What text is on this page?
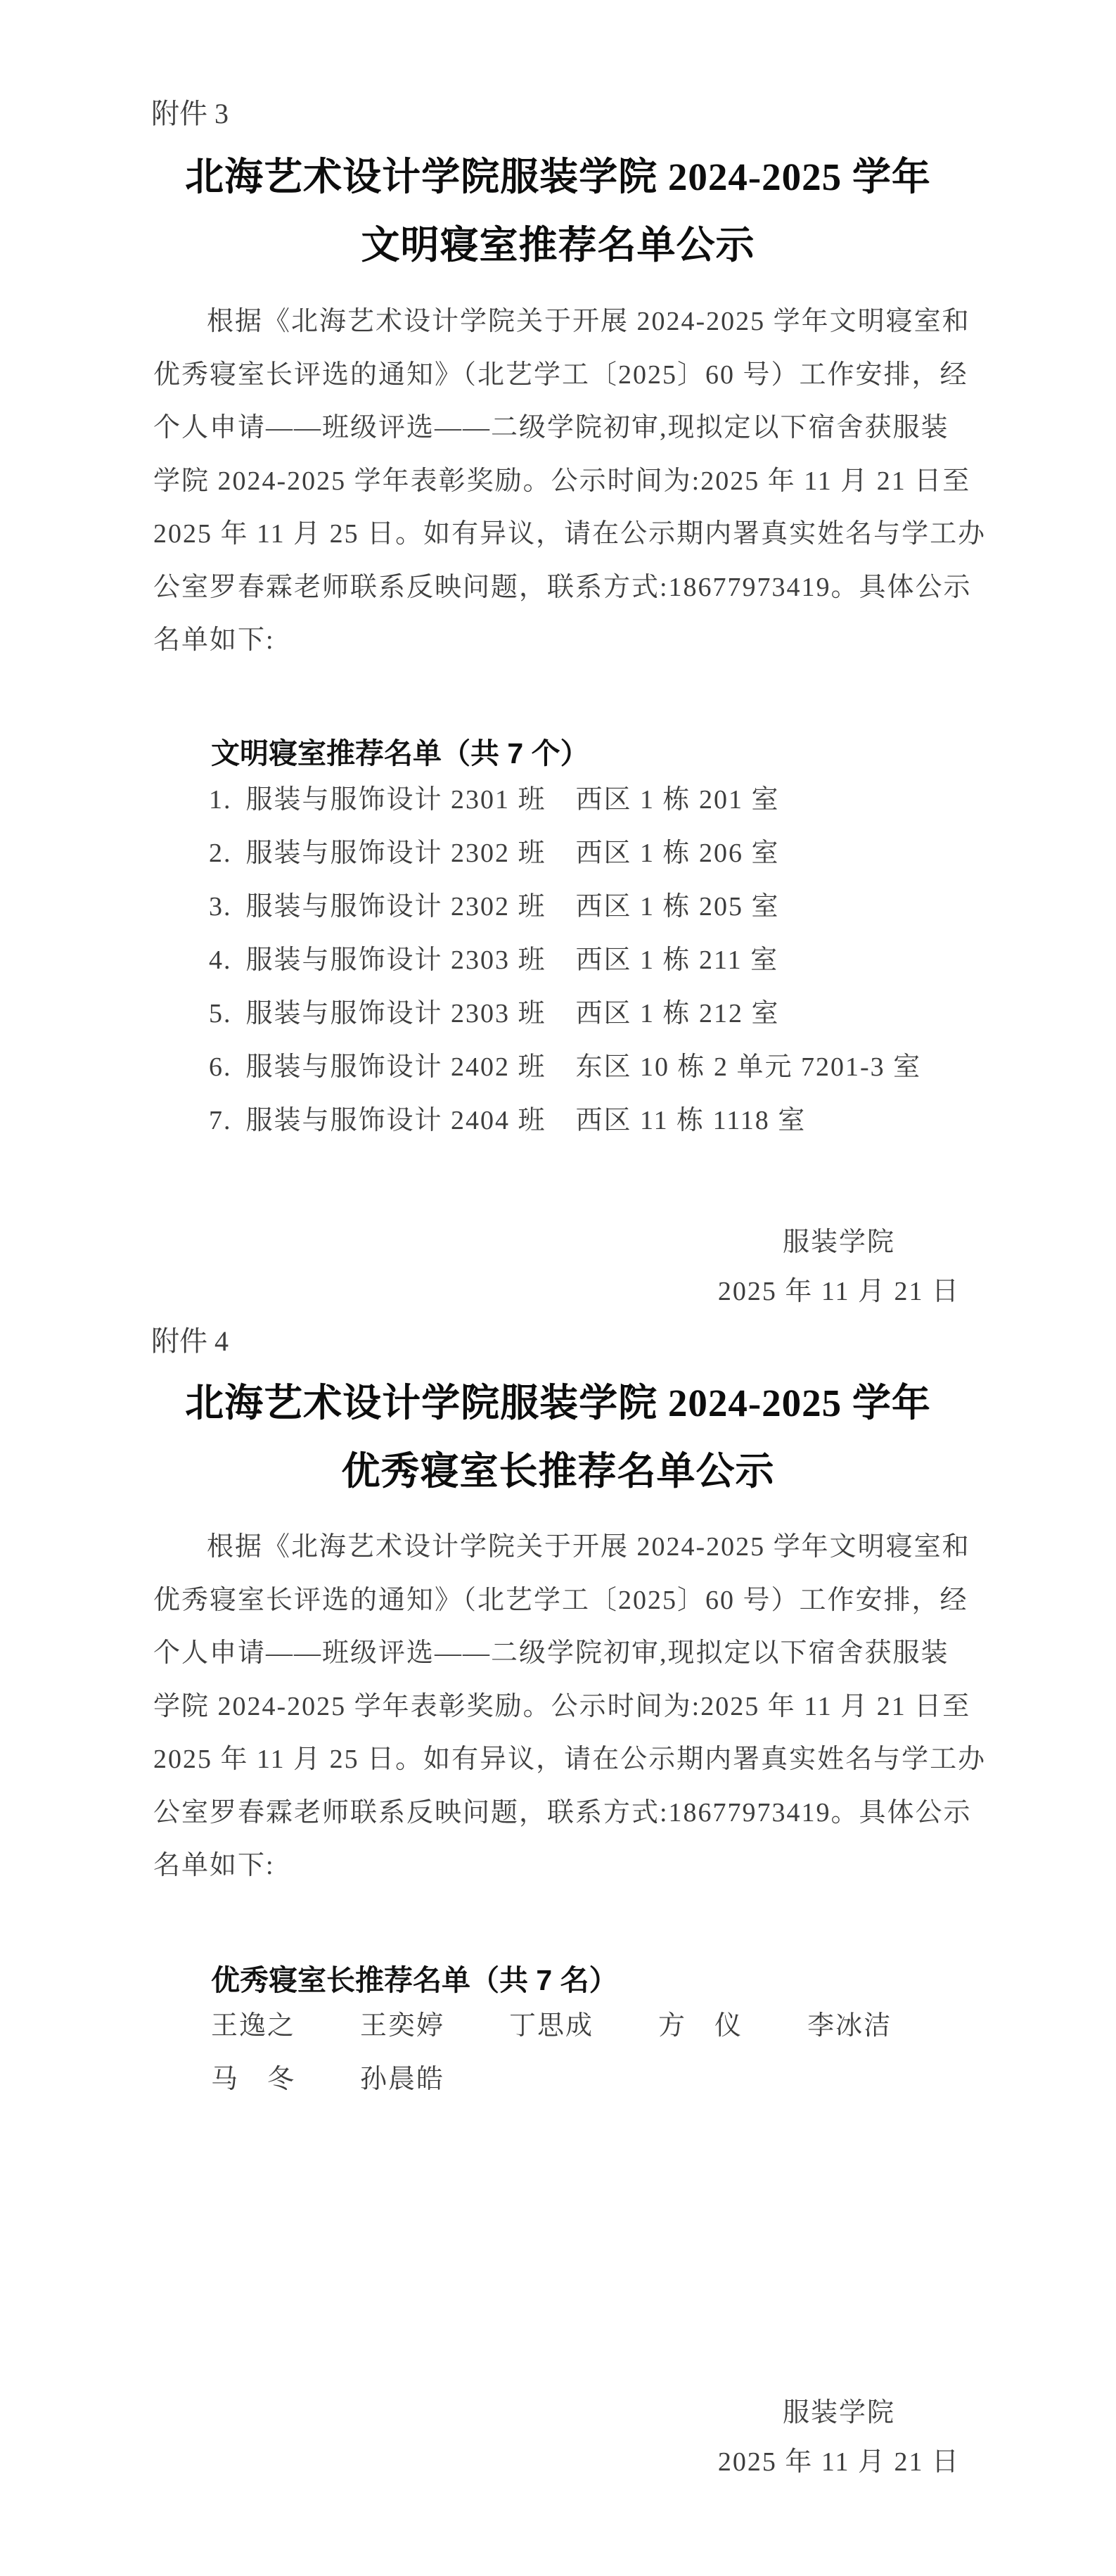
附件 3
北海艺术设计学院服装学院 2024-2025 学年
文明寝室推荐名单公示
根据《北海艺术设计学院关于开展 2024-2025 学年文明寝室和
优秀寝室长评选的通知》（北艺学工〔2025〕60 号）工作安排，经
个人申请——班级评选——二级学院初审,现拟定以下宿舍获服装
学院 2024-2025 学年表彰奖励。公示时间为:2025 年 11 月 21 日至
2025 年 11 月 25 日。如有异议，请在公示期内署真实姓名与学工办
公室罗春霖老师联系反映问题，联系方式:18677973419。具体公示
名单如下:
文明寝室推荐名单（共 7 个）
1. 服装与服饰设计 2301 班 西区 1 栋 201 室
2. 服装与服饰设计 2302 班 西区 1 栋 206 室
3. 服装与服饰设计 2302 班 西区 1 栋 205 室
4. 服装与服饰设计 2303 班 西区 1 栋 211 室
5. 服装与服饰设计 2303 班 西区 1 栋 212 室
6. 服装与服饰设计 2402 班 东区 10 栋 2 单元 7201-3 室
7. 服装与服饰设计 2404 班 西区 11 栋 1118 室
服装学院
2025 年 11 月 21 日
附件 4
北海艺术设计学院服装学院 2024-2025 学年
优秀寝室长推荐名单公示
根据《北海艺术设计学院关于开展 2024-2025 学年文明寝室和
优秀寝室长评选的通知》（北艺学工〔2025〕60 号）工作安排，经
个人申请——班级评选——二级学院初审,现拟定以下宿舍获服装
学院 2024-2025 学年表彰奖励。公示时间为:2025 年 11 月 21 日至
2025 年 11 月 25 日。如有异议，请在公示期内署真实姓名与学工办
公室罗春霖老师联系反映问题，联系方式:18677973419。具体公示
名单如下:
优秀寝室长推荐名单（共 7 名）
王逸之 王奕婷 丁思成 方　仪 李冰洁
马　冬 孙晨皓
服装学院
2025 年 11 月 21 日
